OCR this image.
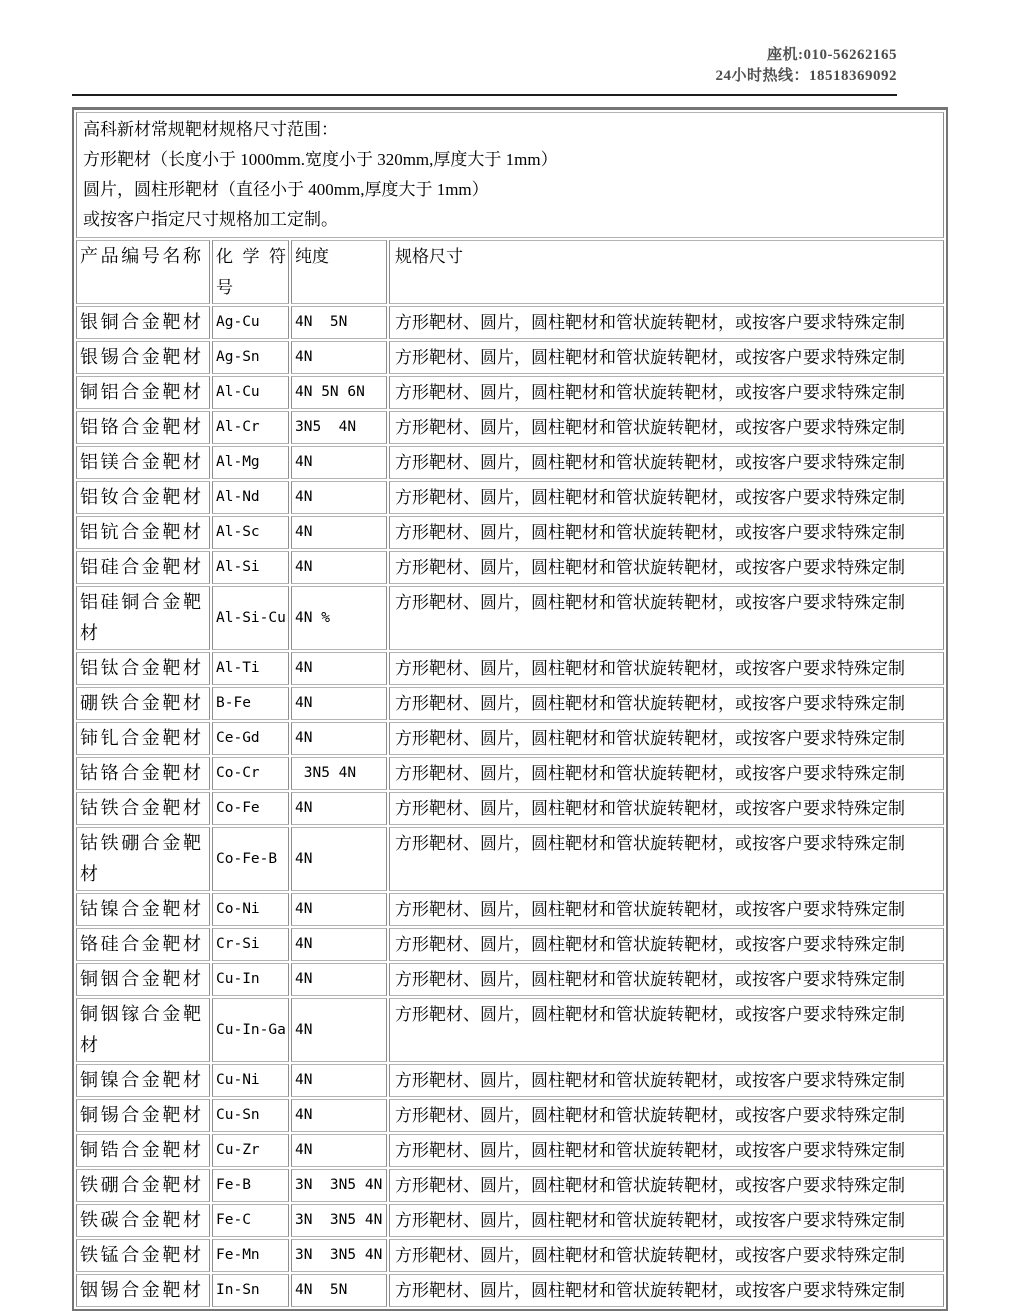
座机:010-56262165
24小时热线：18518369092

高科新材常规靶材规格尺寸范围：
方形靶材（长度小于 1000mm.宽度小于 320mm,厚度大于 1mm）
圆片，圆柱形靶材（直径小于 400mm,厚度大于 1mm）
或按客户指定尺寸规格加工定制。			

产品编号名称	化 学 符号	纯度	规格尺寸
银铜合金靶材	Ag-Cu	4N  5N	方形靶材、圆片，圆柱靶材和管状旋转靶材，或按客户要求特殊定制
银锡合金靶材	Ag-Sn	4N	方形靶材、圆片，圆柱靶材和管状旋转靶材，或按客户要求特殊定制
铜铝合金靶材	Al-Cu	4N 5N 6N	方形靶材、圆片，圆柱靶材和管状旋转靶材，或按客户要求特殊定制
铝铬合金靶材	Al-Cr	3N5  4N	方形靶材、圆片，圆柱靶材和管状旋转靶材，或按客户要求特殊定制
铝镁合金靶材	Al-Mg	4N	方形靶材、圆片，圆柱靶材和管状旋转靶材，或按客户要求特殊定制
铝钕合金靶材	Al-Nd	4N	方形靶材、圆片，圆柱靶材和管状旋转靶材，或按客户要求特殊定制
铝钪合金靶材	Al-Sc	4N	方形靶材、圆片，圆柱靶材和管状旋转靶材，或按客户要求特殊定制
铝硅合金靶材	Al-Si	4N	方形靶材、圆片，圆柱靶材和管状旋转靶材，或按客户要求特殊定制
铝硅铜合金靶材	Al-Si-Cu	4N %	方形靶材、圆片，圆柱靶材和管状旋转靶材，或按客户要求特殊定制
铝钛合金靶材	Al-Ti	4N	方形靶材、圆片，圆柱靶材和管状旋转靶材，或按客户要求特殊定制
硼铁合金靶材	B-Fe	4N	方形靶材、圆片，圆柱靶材和管状旋转靶材，或按客户要求特殊定制
铈钆合金靶材	Ce-Gd	4N	方形靶材、圆片，圆柱靶材和管状旋转靶材，或按客户要求特殊定制
钴铬合金靶材	Co-Cr	3N5 4N	方形靶材、圆片，圆柱靶材和管状旋转靶材，或按客户要求特殊定制
钴铁合金靶材	Co-Fe	4N	方形靶材、圆片，圆柱靶材和管状旋转靶材，或按客户要求特殊定制
钴铁硼合金靶材	Co-Fe-B	4N	方形靶材、圆片，圆柱靶材和管状旋转靶材，或按客户要求特殊定制
钴镍合金靶材	Co-Ni	4N	方形靶材、圆片，圆柱靶材和管状旋转靶材，或按客户要求特殊定制
铬硅合金靶材	Cr-Si	4N	方形靶材、圆片，圆柱靶材和管状旋转靶材，或按客户要求特殊定制
铜铟合金靶材	Cu-In	4N	方形靶材、圆片，圆柱靶材和管状旋转靶材，或按客户要求特殊定制
铜铟镓合金靶材	Cu-In-Ga	4N	方形靶材、圆片，圆柱靶材和管状旋转靶材，或按客户要求特殊定制
铜镍合金靶材	Cu-Ni	4N	方形靶材、圆片，圆柱靶材和管状旋转靶材，或按客户要求特殊定制
铜锡合金靶材	Cu-Sn	4N	方形靶材、圆片，圆柱靶材和管状旋转靶材，或按客户要求特殊定制
铜锆合金靶材	Cu-Zr	4N	方形靶材、圆片，圆柱靶材和管状旋转靶材，或按客户要求特殊定制
铁硼合金靶材	Fe-B	3N  3N5 4N	方形靶材、圆片，圆柱靶材和管状旋转靶材，或按客户要求特殊定制
铁碳合金靶材	Fe-C	3N  3N5 4N	方形靶材、圆片，圆柱靶材和管状旋转靶材，或按客户要求特殊定制
铁锰合金靶材	Fe-Mn	3N  3N5 4N	方形靶材、圆片，圆柱靶材和管状旋转靶材，或按客户要求特殊定制
铟锡合金靶材	In-Sn	4N  5N	方形靶材、圆片，圆柱靶材和管状旋转靶材，或按客户要求特殊定制
